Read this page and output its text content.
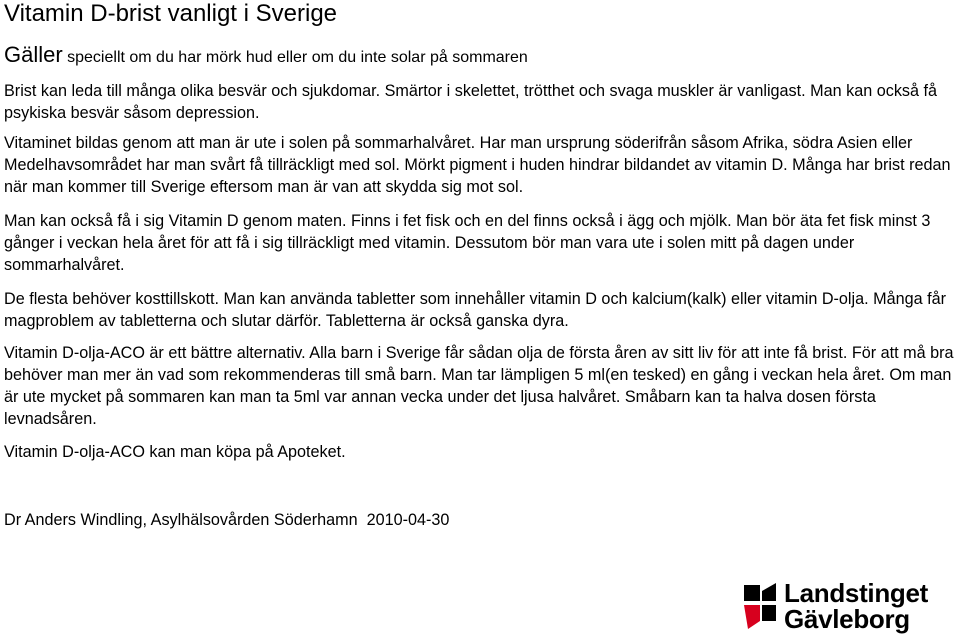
Vitamin D-brist vanligt i Sverige
Gäller speciellt om du har mörk hud eller om du inte solar på sommaren

Brist kan leda till många olika besvär och sjukdomar. Smärtor i skelettet, trötthet och svaga muskler är vanligast. Man kan också få psykiska besvär såsom depression.

Vitaminet bildas genom att man är ute i solen på sommarhalvåret. Har man ursprung söderifrån såsom Afrika, södra Asien eller Medelhavsområdet har man svårt få tillräckligt med sol. Mörkt pigment i huden hindrar bildandet av vitamin D. Många har brist redan när man kommer till Sverige eftersom man är van att skydda sig mot sol.

Man kan också få i sig Vitamin D genom maten. Finns i fet fisk och en del finns också i ägg och mjölk. Man bör äta fet fisk minst 3 gånger i veckan hela året för att få i sig tillräckligt med vitamin. Dessutom bör man vara ute i solen mitt på dagen under sommarhalvåret.

De flesta behöver kosttillskott. Man kan använda tabletter som innehåller vitamin D och kalcium(kalk) eller vitamin D-olja. Många får magproblem av tabletterna och slutar därför. Tabletterna är också ganska dyra.

Vitamin D-olja-ACO är ett bättre alternativ. Alla barn i Sverige får sådan olja de första åren av sitt liv för att inte få brist. För att må bra behöver man mer än vad som rekommenderas till små barn. Man tar lämpligen 5 ml(en tesked) en gång i veckan hela året. Om man är ute mycket på sommaren kan man ta 5ml var annan vecka under det ljusa halvåret. Småbarn kan ta halva dosen första levnadsåren.

Vitamin D-olja-ACO kan man köpa på Apoteket.

Dr Anders Windling, Asylhälsovården Söderhamn  2010-04-30
Landstinget
Gävleborg
